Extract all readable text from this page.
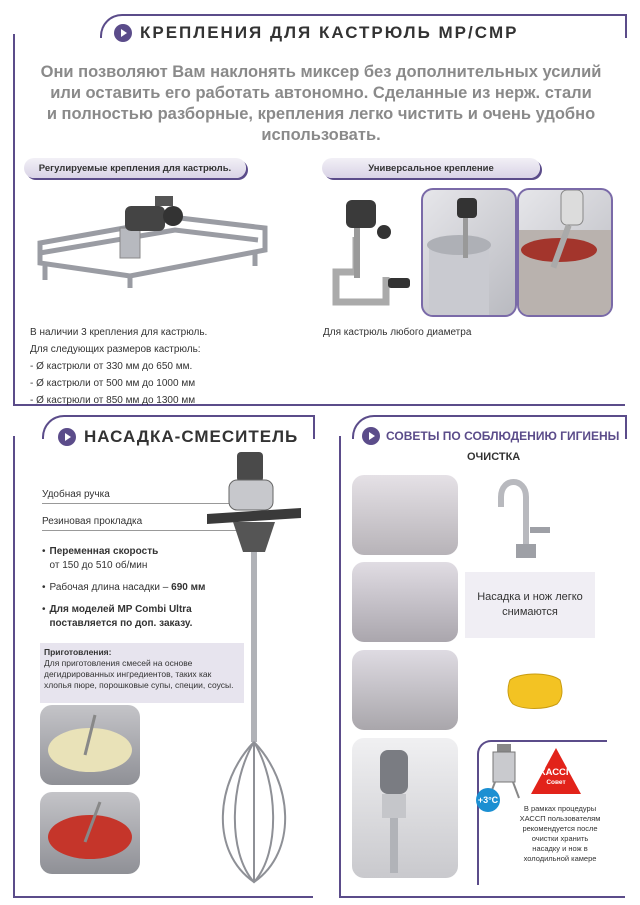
КРЕПЛЕНИЯ ДЛЯ КАСТРЮЛЬ MP/CMP
Они позволяют Вам наклонять миксер без дополнительных усилий
или оставить его работать автономно. Сделанные из нерж. стали
и полностью разборные, крепления легко чистить и очень удобно
использовать.
Регулируемые крепления для кастрюль.	Универсальное крепление
В наличии 3 крепления для кастрюль.
Для следующих размеров кастрюль:
- Ø кастрюли от 330 мм до 650 мм.
- Ø кастрюли от 500 мм до 1000 мм
- Ø кастрюли от 850 мм до 1300 мм
Для кастрюль любого диаметра
НАСАДКА-СМЕСИТЕЛЬ
Удобная ручка
Резиновая прокладка
• Переменная скорость
от 150 до 510 об/мин
• Рабочая длина насадки – 690 мм
• Для моделей MP Combi Ultra поставляется по доп. заказу.
Приготовления:
Для приготовления смесей на основе дегидрированных ингредиентов, таких как хлопья пюре, порошковые супы, специи, соусы.
СОВЕТЫ ПО СОБЛЮДЕНИЮ ГИГИЕНЫ
ОЧИСТКА
Насадка и нож легко снимаются
+3°C
ХАССП
Совет
В рамках процедуры ХАССП пользователям рекомендуется после очистки хранить насадку и нож в холодильной камере
